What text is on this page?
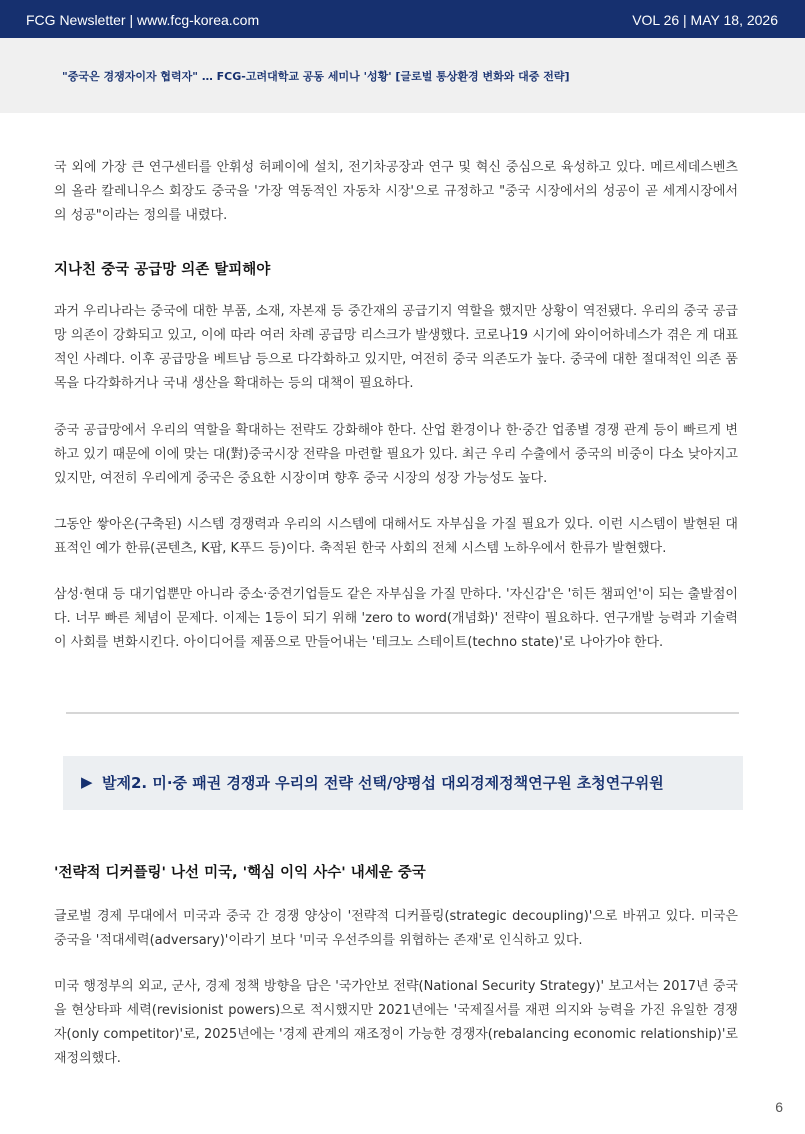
FCG Newsletter | www.fcg-korea.com	VOL 26 | MAY 18, 2026
"중국은 경쟁자이자 협력자" … FCG-고려대학교 공동 세미나 '성황' [글로벌 통상환경 변화와 대중 전략]

국 외에 가장 큰 연구센터를 안휘성 허페이에 설치, 전기차공장과 연구 및 혁신 중심으로 육성하고 있다. 메르세데스벤츠의 올라 칼레니우스 회장도 중국을 '가장 역동적인 자동차 시장'으로 규정하고 "중국 시장에서의 성공이 곧 세계시장에서의 성공"이라는 정의를 내렸다.

지나친 중국 공급망 의존 탈피해야

과거 우리나라는 중국에 대한 부품, 소재, 자본재 등 중간재의 공급기지 역할을 했지만 상황이 역전됐다. 우리의 중국 공급망 의존이 강화되고 있고, 이에 따라 여러 차례 공급망 리스크가 발생했다. 코로나19 시기에 와이어하네스가 겪은 게 대표적인 사례다. 이후 공급망을 베트남 등으로 다각화하고 있지만, 여전히 중국 의존도가 높다. 중국에 대한 절대적인 의존 품목을 다각화하거나 국내 생산을 확대하는 등의 대책이 필요하다.

중국 공급망에서 우리의 역할을 확대하는 전략도 강화해야 한다. 산업 환경이나 한·중간 업종별 경쟁 관계 등이 빠르게 변하고 있기 때문에 이에 맞는 대(對)중국시장 전략을 마련할 필요가 있다. 최근 우리 수출에서 중국의 비중이 다소 낮아지고 있지만, 여전히 우리에게 중국은 중요한 시장이며 향후 중국 시장의 성장 가능성도 높다.

그동안 쌓아온(구축된) 시스템 경쟁력과 우리의 시스템에 대해서도 자부심을 가질 필요가 있다. 이런 시스템이 발현된 대표적인 예가 한류(콘텐츠, K팝, K푸드 등)이다. 축적된 한국 사회의 전체 시스템 노하우에서 한류가 발현했다.

삼성·현대 등 대기업뿐만 아니라 중소·중견기업들도 같은 자부심을 가질 만하다. '자신감'은 '히든 챔피언'이 되는 출발점이다. 너무 빠른 체념이 문제다. 이제는 1등이 되기 위해 'zero to word(개념화)' 전략이 필요하다. 연구개발 능력과 기술력이 사회를 변화시킨다. 아이디어를 제품으로 만들어내는 '테크노 스테이트(techno state)'로 나아가야 한다.

▶ 발제2. 미·중 패권 경쟁과 우리의 전략 선택/양평섭 대외경제정책연구원 초청연구위원
'전략적 디커플링' 나선 미국, '핵심 이익 사수' 내세운 중국

글로벌 경제 무대에서 미국과 중국 간 경쟁 양상이 '전략적 디커플링(strategic decoupling)'으로 바뀌고 있다. 미국은 중국을 '적대세력(adversary)'이라기 보다 '미국 우선주의를 위협하는 존재'로 인식하고 있다.

미국 행정부의 외교, 군사, 경제 정책 방향을 담은 '국가안보 전략(National Security Strategy)' 보고서는 2017년 중국을 현상타파 세력(revisionist powers)으로 적시했지만 2021년에는 '국제질서를 재편 의지와 능력을 가진 유일한 경쟁자(only competitor)'로, 2025년에는 '경제 관계의 재조정이 가능한 경쟁자(rebalancing economic relationship)'로 재정의했다.

6
